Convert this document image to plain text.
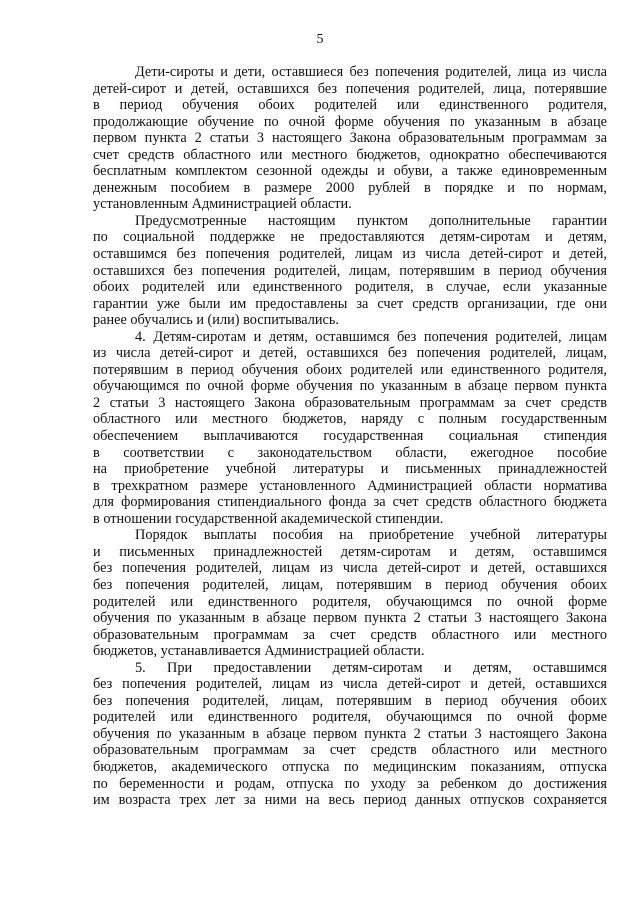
5
Дети-сироты и дети, оставшиеся без попечения родителей, лица из числа
детей-сирот и детей, оставшихся без попечения родителей, лица, потерявшие
в период обучения обоих родителей или единственного родителя,
продолжающие обучение по очной форме обучения по указанным в абзаце
первом пункта 2 статьи 3 настоящего Закона образовательным программам за
счет средств областного или местного бюджетов, однократно обеспечиваются
бесплатным комплектом сезонной одежды и обуви, а также единовременным
денежным пособием в размере 2000 рублей в порядке и по нормам,
установленным Администрацией области.
Предусмотренные настоящим пунктом дополнительные гарантии
по социальной поддержке не предоставляются детям-сиротам и детям,
оставшимся без попечения родителей, лицам из числа детей-сирот и детей,
оставшихся без попечения родителей, лицам, потерявшим в период обучения
обоих родителей или единственного родителя, в случае, если указанные
гарантии уже были им предоставлены за счет средств организации, где они
ранее обучались и (или) воспитывались.
4. Детям-сиротам и детям, оставшимся без попечения родителей, лицам
из числа детей-сирот и детей, оставшихся без попечения родителей, лицам,
потерявшим в период обучения обоих родителей или единственного родителя,
обучающимся по очной форме обучения по указанным в абзаце первом пункта
2 статьи 3 настоящего Закона образовательным программам за счет средств
областного или местного бюджетов, наряду с полным государственным
обеспечением выплачиваются государственная социальная стипендия
в соответствии с законодательством области, ежегодное пособие
на приобретение учебной литературы и письменных принадлежностей
в трехкратном размере установленного Администрацией области норматива
для формирования стипендиального фонда за счет средств областного бюджета
в отношении государственной академической стипендии.
Порядок выплаты пособия на приобретение учебной литературы
и письменных принадлежностей детям-сиротам и детям, оставшимся
без попечения родителей, лицам из числа детей-сирот и детей, оставшихся
без попечения родителей, лицам, потерявшим в период обучения обоих
родителей или единственного родителя, обучающимся по очной форме
обучения по указанным в абзаце первом пункта 2 статьи 3 настоящего Закона
образовательным программам за счет средств областного или местного
бюджетов, устанавливается Администрацией области.
5. При предоставлении детям-сиротам и детям, оставшимся
без попечения родителей, лицам из числа детей-сирот и детей, оставшихся
без попечения родителей, лицам, потерявшим в период обучения обоих
родителей или единственного родителя, обучающимся по очной форме
обучения по указанным в абзаце первом пункта 2 статьи 3 настоящего Закона
образовательным программам за счет средств областного или местного
бюджетов, академического отпуска по медицинским показаниям, отпуска
по беременности и родам, отпуска по уходу за ребенком до достижения
им возраста трех лет за ними на весь период данных отпусков сохраняется
